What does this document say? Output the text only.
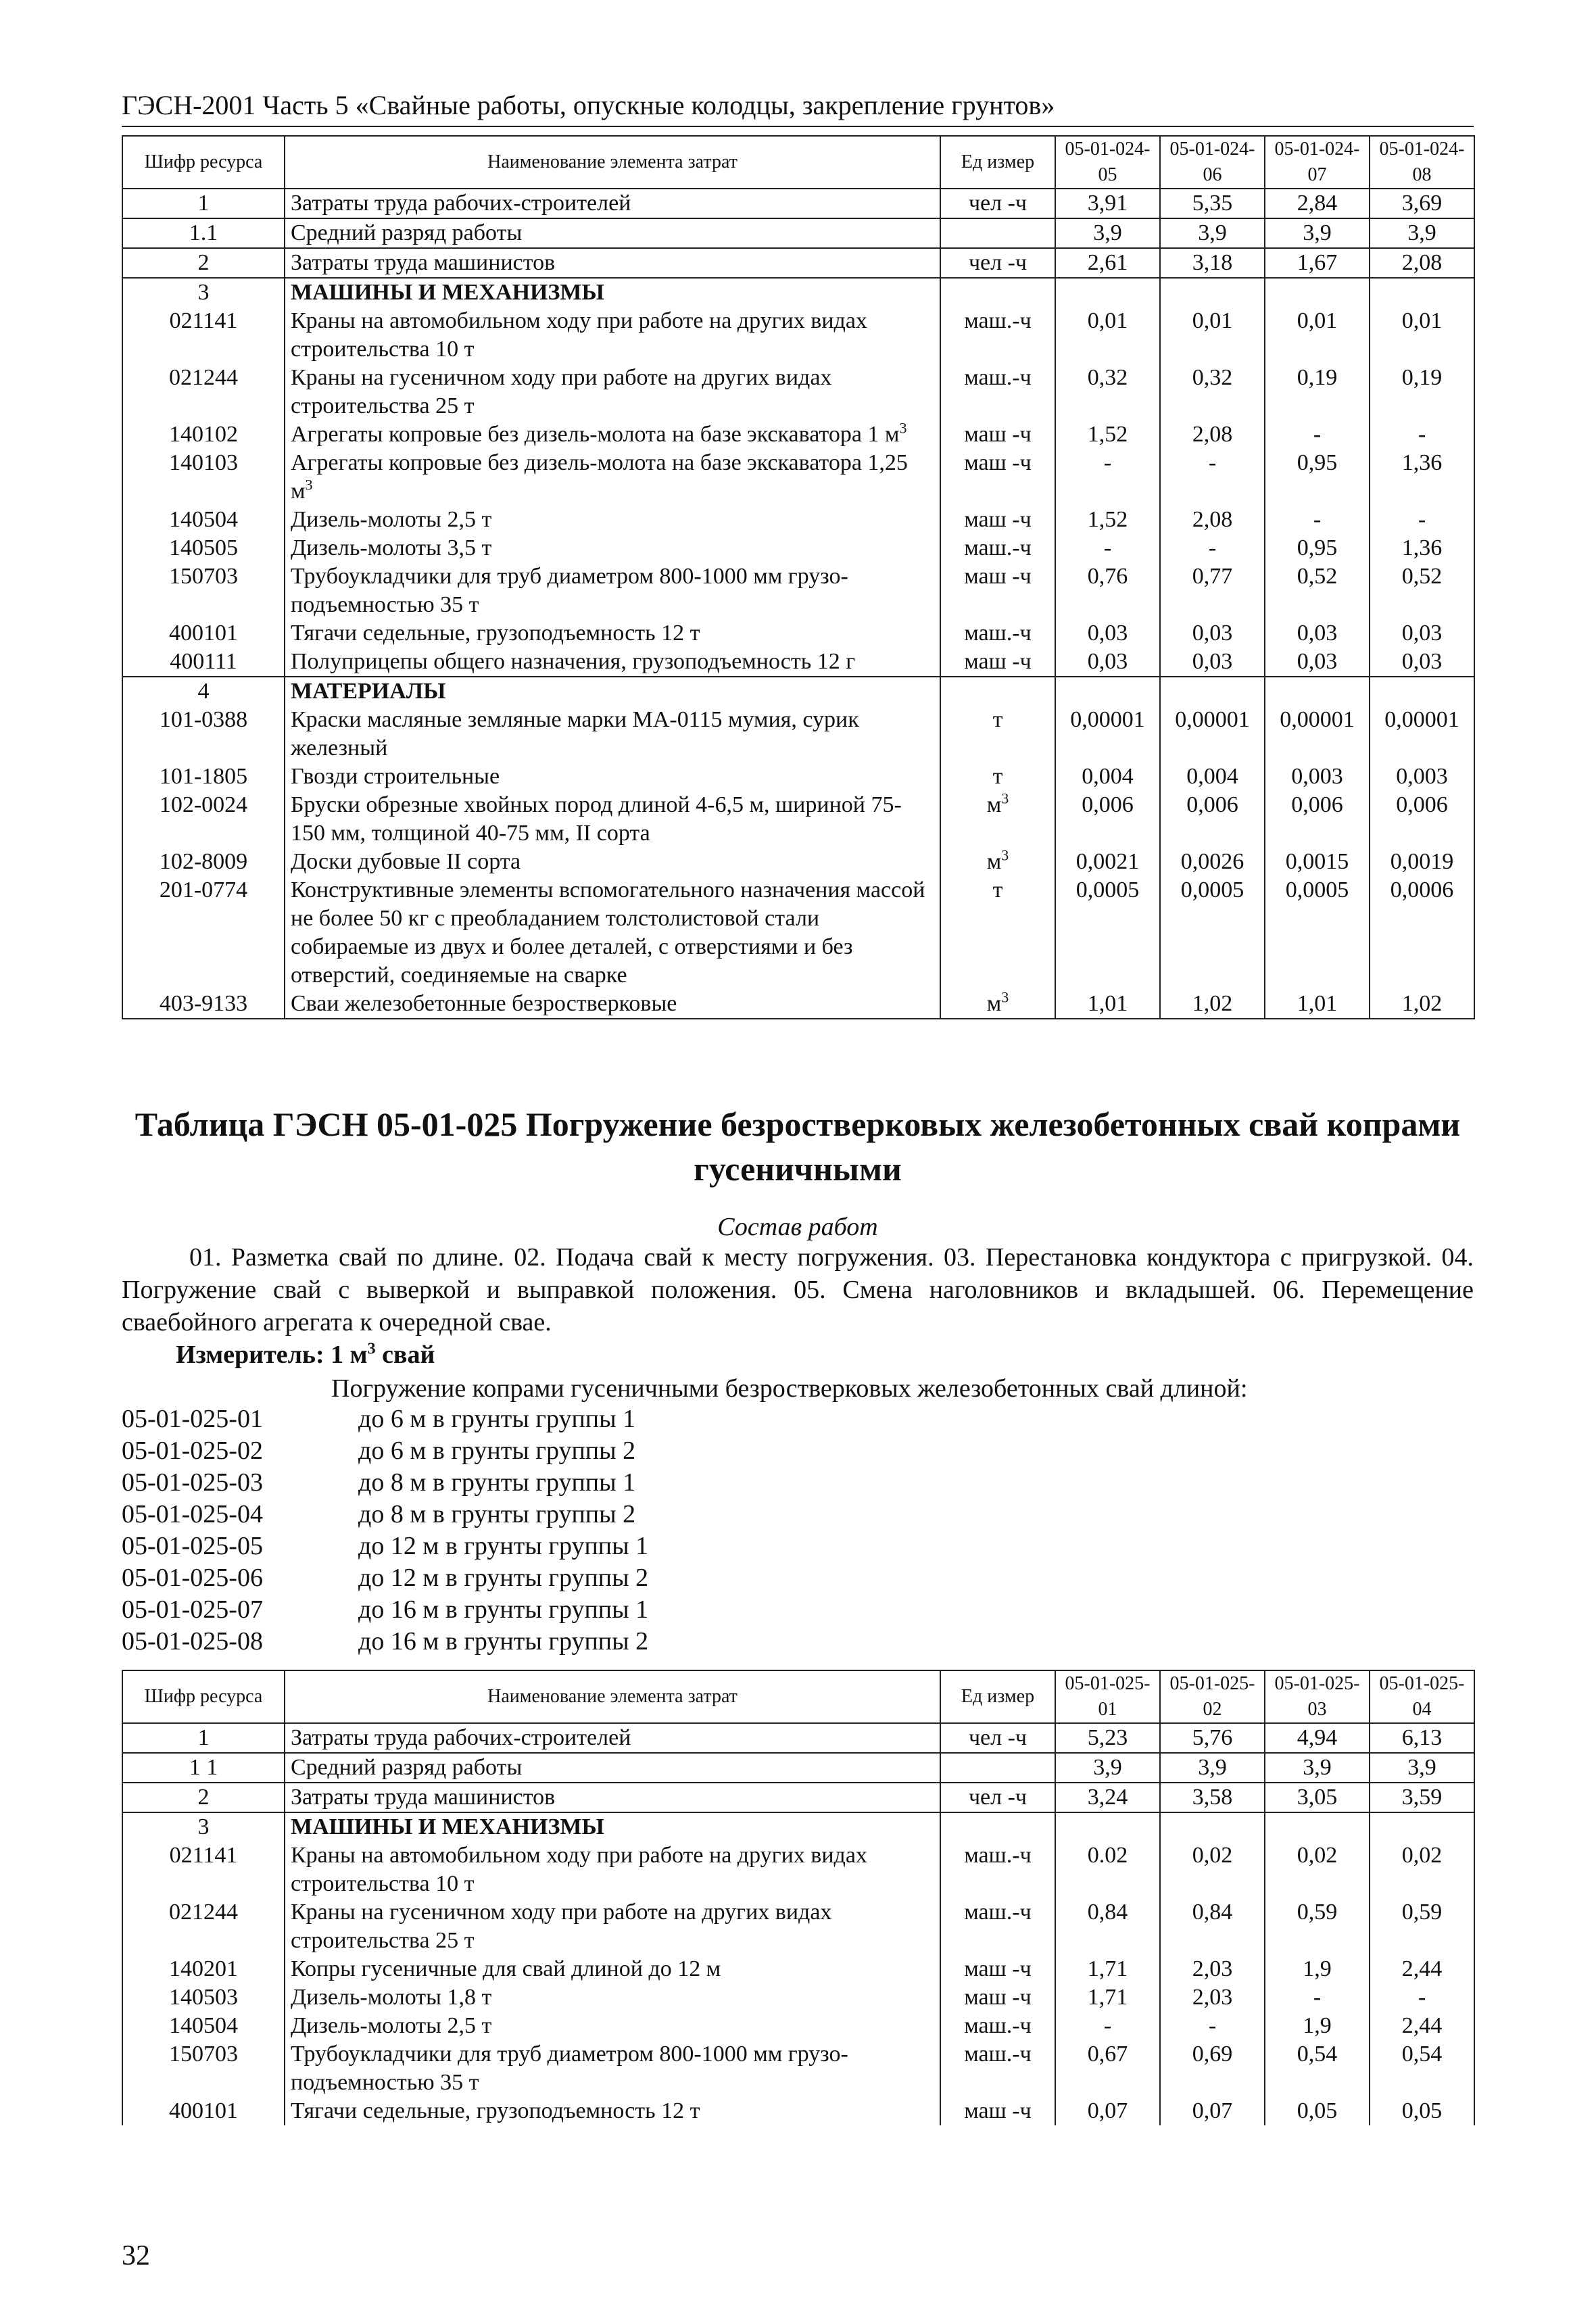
ГЭСН-2001 Часть 5 «Свайные работы, опускные колодцы, закрепление грунтов»
Шифр ресурса	Наименование элемента затрат	Ед измер	05-01-024-05	05-01-024-06	05-01-024-07	05-01-024-08
1	Затраты труда рабочих-строителей	чел -ч	3,91	5,35	2,84	3,69
1.1	Средний разряд работы		3,9	3,9	3,9	3,9
2	Затраты труда машинистов	чел -ч	2,61	3,18	1,67	2,08
3	МАШИНЫ И МЕХАНИЗМЫ					
021141	Краны на автомобильном ходу при работе на других видах строительства 10 т	маш.-ч	0,01	0,01	0,01	0,01
021244	Краны на гусеничном ходу при работе на других видах строительства 25 т	маш.-ч	0,32	0,32	0,19	0,19
140102	Агрегаты копровые без дизель-молота на базе экскаватора 1 $м^3$	маш -ч	1,52	2,08	-	-
140103	Агрегаты копровые без дизель-молота на базе экскаватора 1,25 $м^3$	маш -ч	-	-	0,95	1,36
140504	Дизель-молоты 2,5 т	маш -ч	1,52	2,08	-	-
140505	Дизель-молоты 3,5 т	маш.-ч	-	-	0,95	1,36
150703	Трубоукладчики для труб диаметром 800-1000 мм грузо-подъемностью 35 т	маш -ч	0,76	0,77	0,52	0,52
400101	Тягачи седельные, грузоподъемность 12 т	маш.-ч	0,03	0,03	0,03	0,03
400111	Полуприцепы общего назначения, грузоподъемность 12 г	маш -ч	0,03	0,03	0,03	0,03
4	МАТЕРИАЛЫ					
101-0388	Краски масляные земляные марки МА-0115 мумия, сурик железный	т	0,00001	0,00001	0,00001	0,00001
101-1805	Гвозди строительные	т	0,004	0,004	0,003	0,003
102-0024	Бруски обрезные хвойных пород длиной 4-6,5 м, шириной 75-150 мм, толщиной 40-75 мм, II сорта	$м^3$	0,006	0,006	0,006	0,006
102-8009	Доски дубовые II сорта	$м^3$	0,0021	0,0026	0,0015	0,0019
201-0774	Конструктивные элементы вспомогательного назначения массой не более 50 кг с преобладанием толстолистовой стали собираемые из двух и более деталей, с отверстиями и без отверстий, соединяемые на сварке	т	0,0005	0,0005	0,0005	0,0006
403-9133	Сваи железобетонные безростверковые	$м^3$	1,01	1,02	1,01	1,02
Таблица ГЭСН 05-01-025 Погружение безростверковых железобетонных свай копрами гусеничными
Состав работ
01. Разметка свай по длине. 02. Подача свай к месту погружения. 03. Перестановка кондуктора с пригрузкой. 04. Погружение свай с выверкой и выправкой положения. 05. Смена наголовников и вкладышей. 06. Перемещение сваебойного агрегата к очередной свае.
Измеритель: 1 $м^3$ свай
Погружение копрами гусеничными безростверковых железобетонных свай длиной:
05-01-025-01	до 6 м в грунты группы 1
05-01-025-02	до 6 м в грунты группы 2
05-01-025-03	до 8 м в грунты группы 1
05-01-025-04	до 8 м в грунты группы 2
05-01-025-05	до 12 м в грунты группы 1
05-01-025-06	до 12 м в грунты группы 2
05-01-025-07	до 16 м в грунты группы 1
05-01-025-08	до 16 м в грунты группы 2
Шифр ресурса	Наименование элемента затрат	Ед измер	05-01-025-01	05-01-025-02	05-01-025-03	05-01-025-04
1	Затраты труда рабочих-строителей	чел -ч	5,23	5,76	4,94	6,13
1 1	Средний разряд работы		3,9	3,9	3,9	3,9
2	Затраты труда машинистов	чел -ч	3,24	3,58	3,05	3,59
3	МАШИНЫ И МЕХАНИЗМЫ					
021141	Краны на автомобильном ходу при работе на других видах строительства 10 т	маш.-ч	0.02	0,02	0,02	0,02
021244	Краны на гусеничном ходу при работе на других видах строительства 25 т	маш.-ч	0,84	0,84	0,59	0,59
140201	Копры гусеничные для свай длиной до 12 м	маш -ч	1,71	2,03	1,9	2,44
140503	Дизель-молоты 1,8 т	маш -ч	1,71	2,03	-	-
140504	Дизель-молоты 2,5 т	маш.-ч	-	-	1,9	2,44
150703	Трубоукладчики для труб диаметром 800-1000 мм грузо-подъемностью 35 т	маш.-ч	0,67	0,69	0,54	0,54
400101	Тягачи седельные, грузоподъемность 12 т	маш -ч	0,07	0,07	0,05	0,05
32
